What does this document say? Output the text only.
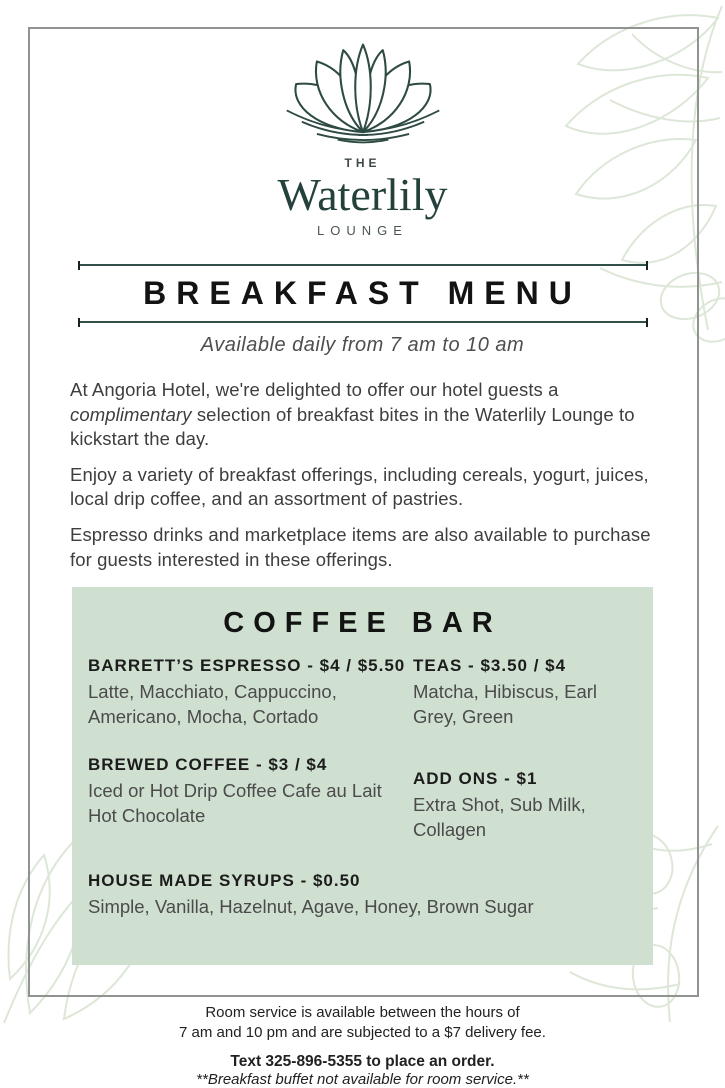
THE
Waterlily
LOUNGE
BREAKFAST MENU
Available daily from 7 am to 10 am

At Angoria Hotel, we're delighted to offer our hotel guests a complimentary selection of breakfast bites in the Waterlily Lounge to kickstart the day.

Enjoy a variety of breakfast offerings, including cereals, yogurt, juices, local drip coffee, and an assortment of pastries.

Espresso drinks and marketplace items are also available to purchase for guests interested in these offerings.

COFFEE BAR
BARRETT’S ESPRESSO - $4 / $5.50
Latte, Macchiato, Cappuccino, Americano, Mocha, Cortado
BREWED COFFEE - $3 / $4
Iced or Hot Drip Coffee Cafe au Lait Hot Chocolate
TEAS - $3.50 / $4
Matcha, Hibiscus, Earl Grey, Green
ADD ONS - $1
Extra Shot, Sub Milk, Collagen
HOUSE MADE SYRUPS - $0.50
Simple, Vanilla, Hazelnut, Agave, Honey, Brown Sugar
Room service is available between the hours of
7 am and 10 pm and are subjected to a $7 delivery fee.
Text 325-896-5355 to place an order.
**Breakfast buffet not available for room service.**
